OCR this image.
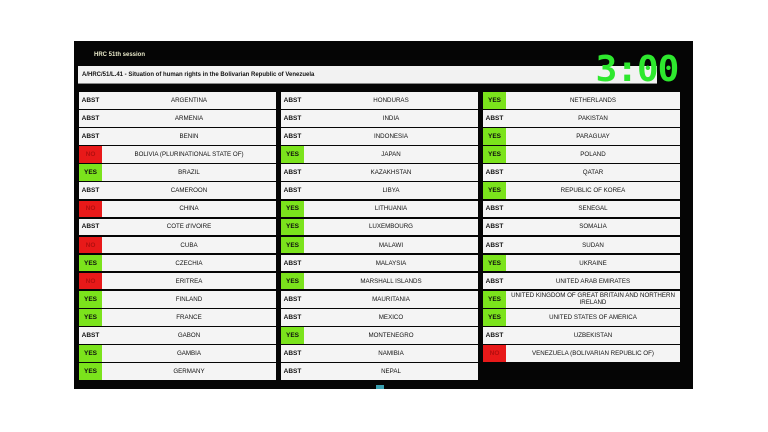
HRC 51th session
A/HRC/51/L.41 - Situation of human rights in the Bolivarian Republic of Venezuela	3:00
ABST	ARGENTINA
ABST	ARMENIA
ABST	BENIN
NO	BOLIVIA (PLURINATIONAL STATE OF)
YES	BRAZIL
ABST	CAMEROON
NO	CHINA
ABST	COTE d'IVOIRE
NO	CUBA
YES	CZECHIA
NO	ERITREA
YES	FINLAND
YES	FRANCE
ABST	GABON
YES	GAMBIA
YES	GERMANY
ABST	HONDURAS
ABST	INDIA
ABST	INDONESIA
YES	JAPAN
ABST	KAZAKHSTAN
ABST	LIBYA
YES	LITHUANIA
YES	LUXEMBOURG
YES	MALAWI
ABST	MALAYSIA
YES	MARSHALL ISLANDS
ABST	MAURITANIA
ABST	MEXICO
YES	MONTENEGRO
ABST	NAMIBIA
ABST	NEPAL
YES	NETHERLANDS
ABST	PAKISTAN
YES	PARAGUAY
YES	POLAND
ABST	QATAR
YES	REPUBLIC OF KOREA
ABST	SENEGAL
ABST	SOMALIA
ABST	SUDAN
YES	UKRAINE
ABST	UNITED ARAB EMIRATES
YES	UNITED KINGDOM OF GREAT BRITAIN AND NORTHERN IRELAND
YES	UNITED STATES OF AMERICA
ABST	UZBEKISTAN
NO	VENEZUELA (BOLIVARIAN REPUBLIC OF)
